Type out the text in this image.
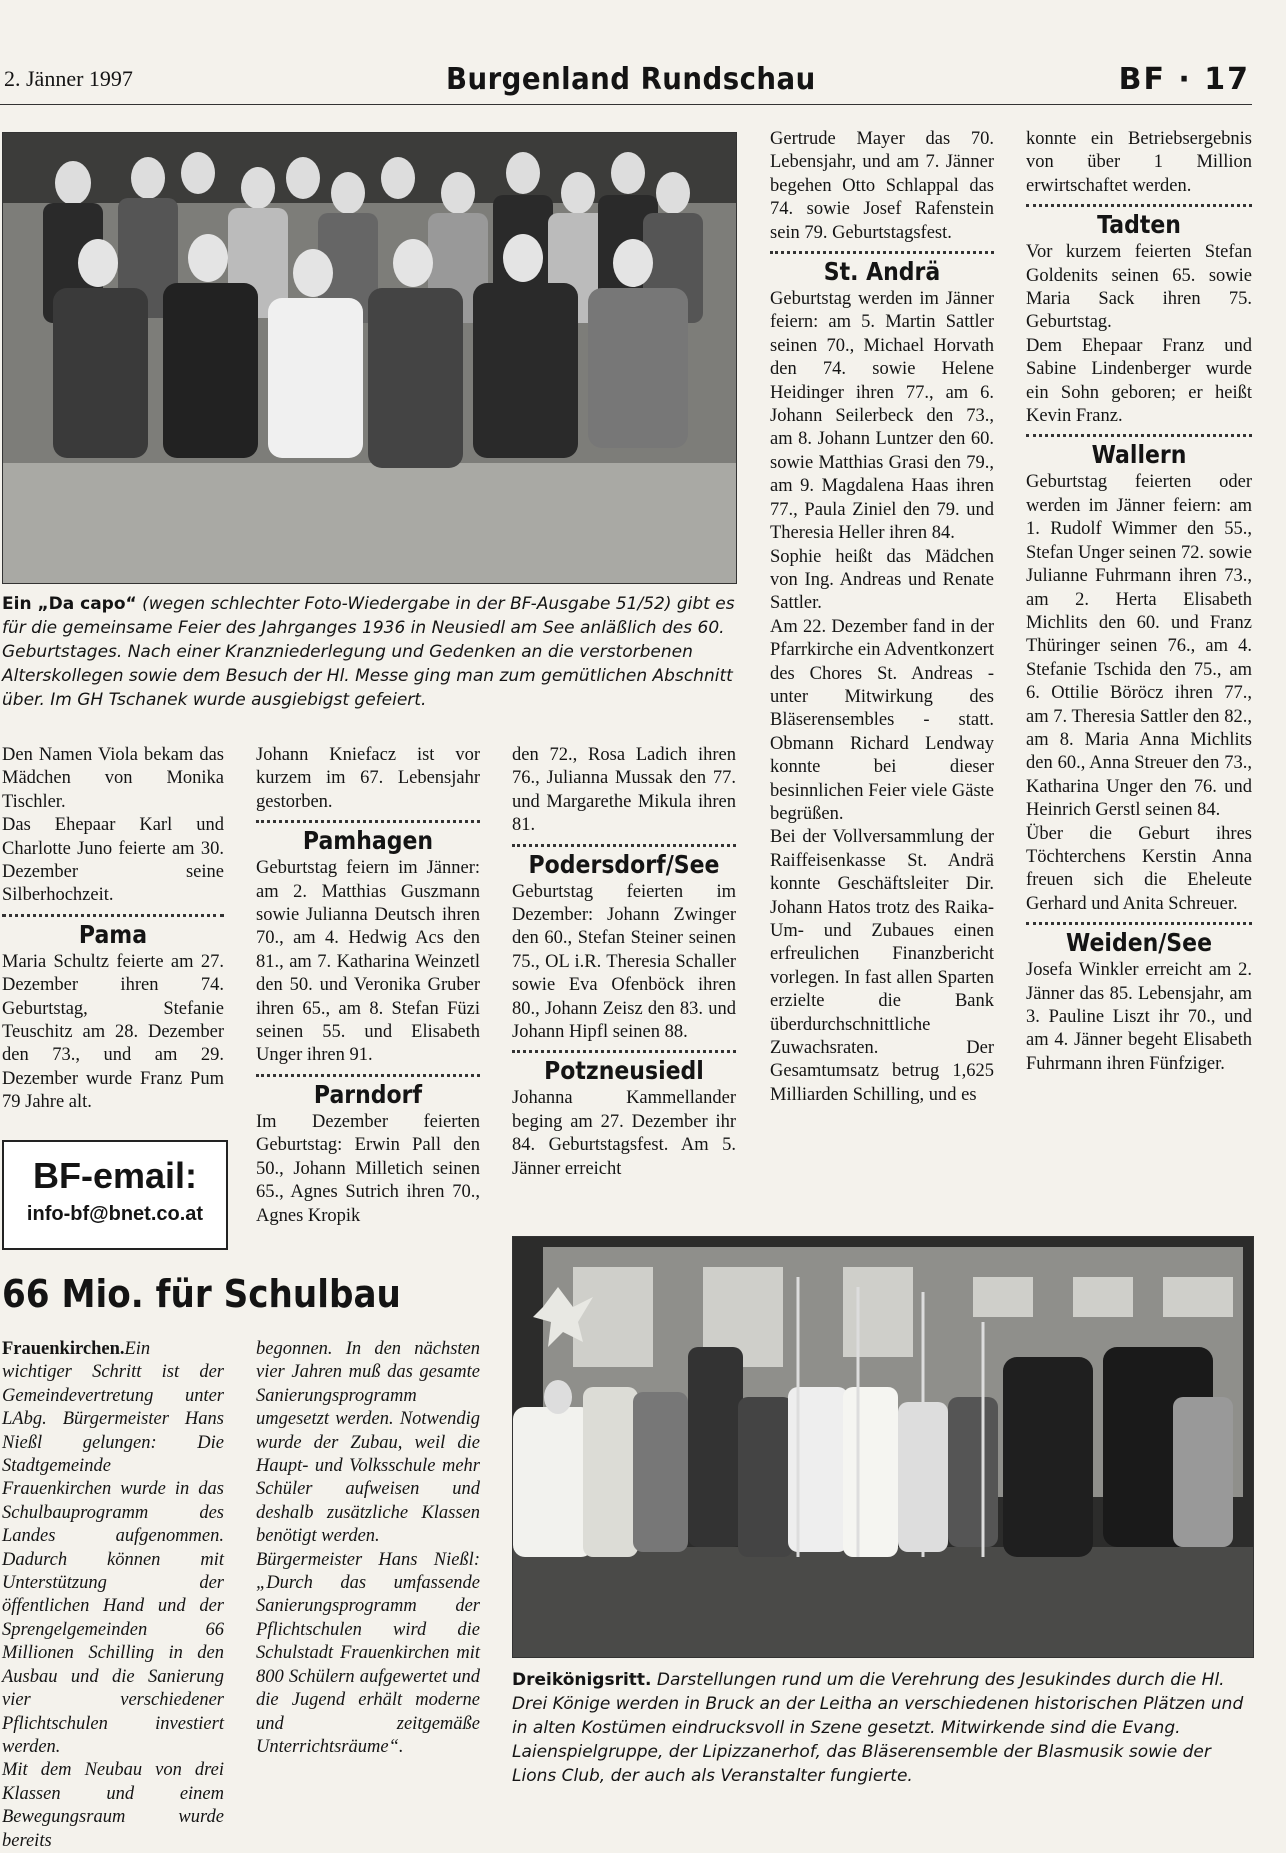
2. Jänner 1997	Burgenland Rundschau	BF · 17
Ein „Da capo“ (wegen schlechter Foto-Wiedergabe in der BF-Ausgabe 51/52) gibt es für die gemeinsame Feier des Jahrganges 1936 in Neusiedl am See anläßlich des 60. Geburtstages. Nach einer Kranzniederlegung und Gedenken an die verstorbenen Alterskollegen sowie dem Besuch der Hl. Messe ging man zum gemütlichen Abschnitt über. Im GH Tschanek wurde ausgiebigst gefeiert.

Den Namen Viola bekam das Mädchen von Monika Tischler.

Das Ehepaar Karl und Charlotte Juno feierte am 30. Dezember seine Silberhochzeit.

Pama

Maria Schultz feierte am 27. Dezember ihren 74. Geburtstag, Stefanie Teuschitz am 28. Dezember den 73., und am 29. Dezember wurde Franz Pum 79 Jahre alt.

Johann Kniefacz ist vor kurzem im 67. Lebensjahr gestorben.

Pamhagen

Geburtstag feiern im Jänner: am 2. Matthias Guszmann sowie Julianna Deutsch ihren 70., am 4. Hedwig Acs den 81., am 7. Katharina Weinzetl den 50. und Veronika Gruber ihren 65., am 8. Stefan Füzi seinen 55. und Elisabeth Unger ihren 91.

Parndorf

Im Dezember feierten Geburtstag: Erwin Pall den 50., Johann Milletich seinen 65., Agnes Sutrich ihren 70., Agnes Kropik

den 72., Rosa Ladich ihren 76., Julianna Mussak den 77. und Margarethe Mikula ihren 81.

Podersdorf/See

Geburtstag feierten im Dezember: Johann Zwinger den 60., Stefan Steiner seinen 75., OL i.R. Theresia Schaller sowie Eva Ofenböck ihren 80., Johann Zeisz den 83. und Johann Hipfl seinen 88.

Potzneusiedl

Johanna Kammellander beging am 27. Dezember ihr 84. Geburtstagsfest. Am 5. Jänner erreicht

Gertrude Mayer das 70. Lebensjahr, und am 7. Jänner begehen Otto Schlappal das 74. sowie Josef Rafenstein sein 79. Geburtstagsfest.

St. Andrä

Geburtstag werden im Jänner feiern: am 5. Martin Sattler seinen 70., Michael Horvath den 74. sowie Helene Heidinger ihren 77., am 6. Johann Seilerbeck den 73., am 8. Johann Luntzer den 60. sowie Matthias Grasi den 79., am 9. Magdalena Haas ihren 77., Paula Ziniel den 79. und Theresia Heller ihren 84.

Sophie heißt das Mädchen von Ing. Andreas und Renate Sattler.

Am 22. Dezember fand in der Pfarrkirche ein Adventkonzert des Chores St. Andreas - unter Mitwirkung des Bläserensembles - statt. Obmann Richard Lendway konnte bei dieser besinnlichen Feier viele Gäste begrüßen.

Bei der Vollversammlung der Raiffeisenkasse St. Andrä konnte Geschäftsleiter Dir. Johann Hatos trotz des Raika-Um- und Zubaues einen erfreulichen Finanzbericht vorlegen. In fast allen Sparten erzielte die Bank überdurchschnittliche Zuwachsraten. Der Gesamtumsatz betrug 1,625 Milliarden Schilling, und es

konnte ein Betriebsergebnis von über 1 Million erwirtschaftet werden.

Tadten

Vor kurzem feierten Stefan Goldenits seinen 65. sowie Maria Sack ihren 75. Geburtstag.

Dem Ehepaar Franz und Sabine Lindenberger wurde ein Sohn geboren; er heißt Kevin Franz.

Wallern

Geburtstag feierten oder werden im Jänner feiern: am 1. Rudolf Wimmer den 55., Stefan Unger seinen 72. sowie Julianne Fuhrmann ihren 73., am 2. Herta Elisabeth Michlits den 60. und Franz Thüringer seinen 76., am 4. Stefanie Tschida den 75., am 6. Ottilie Böröcz ihren 77., am 7. Theresia Sattler den 82., am 8. Maria Anna Michlits den 60., Anna Streuer den 73., Katharina Unger den 76. und Heinrich Gerstl seinen 84.

Über die Geburt ihres Töchterchens Kerstin Anna freuen sich die Eheleute Gerhard und Anita Schreuer.

Weiden/See

Josefa Winkler erreicht am 2. Jänner das 85. Lebensjahr, am 3. Pauline Liszt ihr 70., und am 4. Jänner begeht Elisabeth Fuhrmann ihren Fünfziger.

BF-email:
info-bf@bnet.co.at
66 Mio. für Schulbau

Frauenkirchen.Ein wichtiger Schritt ist der Gemeindevertretung unter LAbg. Bürgermeister Hans Nießl gelungen: Die Stadtgemeinde Frauenkirchen wurde in das Schulbauprogramm des Landes aufgenommen. Dadurch können mit Unterstützung der öffentlichen Hand und der Sprengelgemeinden 66 Millionen Schilling in den Ausbau und die Sanierung vier verschiedener Pflichtschulen investiert werden.

Mit dem Neubau von drei Klassen und einem Bewegungsraum wurde bereits

begonnen. In den nächsten vier Jahren muß das gesamte Sanierungsprogramm umgesetzt werden. Notwendig wurde der Zubau, weil die Haupt- und Volksschule mehr Schüler aufweisen und deshalb zusätzliche Klassen benötigt werden.

Bürgermeister Hans Nießl: „Durch das umfassende Sanierungsprogramm der Pflichtschulen wird die Schulstadt Frauenkirchen mit 800 Schülern aufgewertet und die Jugend erhält moderne und zeitgemäße Unterrichtsräume“.

Dreikönigsritt. Darstellungen rund um die Verehrung des Jesukindes durch die Hl. Drei Könige werden in Bruck an der Leitha an verschiedenen historischen Plätzen und in alten Kostümen eindrucksvoll in Szene gesetzt. Mitwirkende sind die Evang. Laienspielgruppe, der Lipizzanerhof, das Bläserensemble der Blasmusik sowie der Lions Club, der auch als Veranstalter fungierte.
